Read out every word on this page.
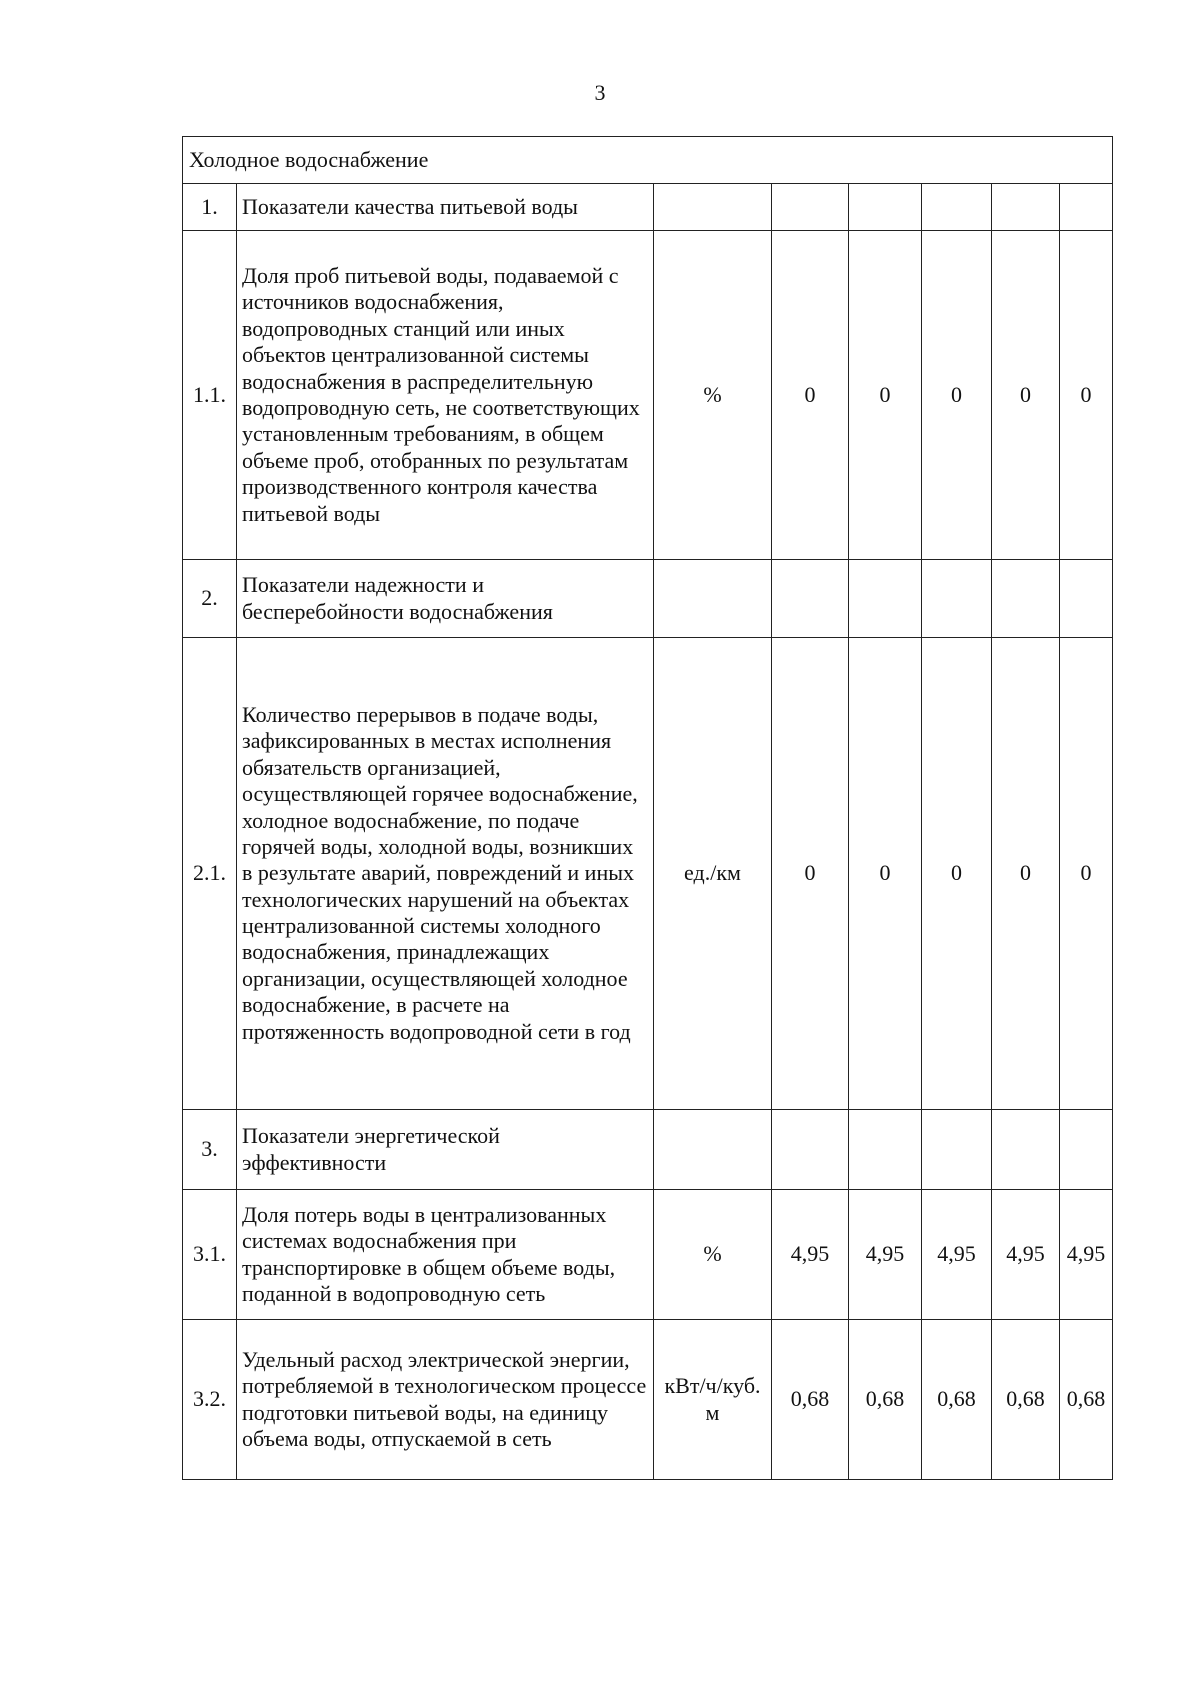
3
Холодное водоснабжение							
1.	Показатели качества питьевой воды						
1.1.	Доля проб питьевой воды, подаваемой с источников водоснабжения, водопроводных станций или иных объектов централизованной системы водоснабжения в распределительную водопроводную сеть, не соответствующих установленным требованиям, в общем объеме проб, отобранных по результатам производственного контроля качества питьевой воды	%	0	0	0	0	0
2.	Показатели надежности и бесперебойности водоснабжения						
2.1.	Количество перерывов в подаче воды, зафиксированных в местах исполнения обязательств организацией, осуществляющей горячее водоснабжение, холодное водоснабжение, по подаче горячей воды, холодной воды, возникших в результате аварий, повреждений и иных технологических нарушений на объектах централизованной системы холодного водоснабжения, принадлежащих организации, осуществляющей холодное водоснабжение, в расчете на протяженность водопроводной сети в год	ед./км	0	0	0	0	0
3.	Показатели энергетической эффективности						
3.1.	Доля потерь воды в централизованных системах водоснабжения при транспортировке в общем объеме воды, поданной в водопроводную сеть	%	4,95	4,95	4,95	4,95	4,95
3.2.	Удельный расход электрической энергии, потребляемой в технологическом процессе подготовки питьевой воды, на единицу объема воды, отпускаемой в сеть	кВт/ч/куб. м	0,68	0,68	0,68	0,68	0,68
